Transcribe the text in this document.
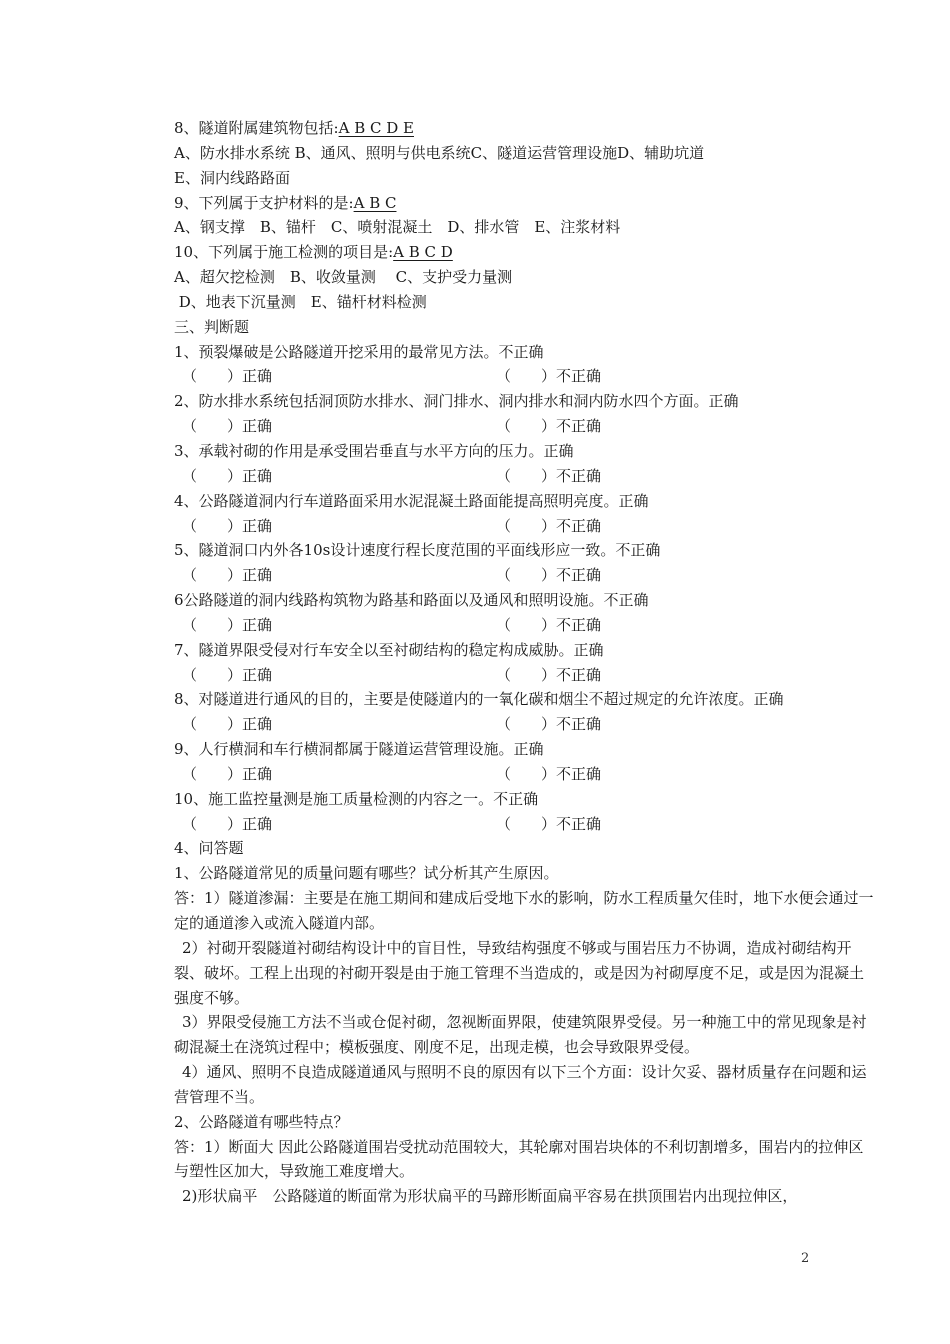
8、隧道附属建筑物包括:A B C D E
A、防水排水系统 B、通风、照明与供电系统C、隧道运营管理设施D、辅助坑道
E、洞内线路路面
9、下列属于支护材料的是:A B C
A、钢支撑　B、锚杆　C、喷射混凝土　D、排水管　E、注浆材料
10、下列属于施工检测的项目是:A B C D
A、超欠挖检测　B、收敛量测　 C、支护受力量测
D、地表下沉量测　E、锚杆材料检测
三、判断题
1、预裂爆破是公路隧道开挖采用的最常见方法。不正确
（　　）正确	（　　）不正确
2、防水排水系统包括洞顶防水排水、洞门排水、洞内排水和洞内防水四个方面。正确
（　　）正确	（　　）不正确
3、承载衬砌的作用是承受围岩垂直与水平方向的压力。正确
（　　）正确	（　　）不正确
4、公路隧道洞内行车道路面采用水泥混凝土路面能提高照明亮度。正确
（　　）正确	（　　）不正确
5、隧道洞口内外各10s设计速度行程长度范围的平面线形应一致。不正确
（　　）正确	（　　）不正确
6公路隧道的洞内线路构筑物为路基和路面以及通风和照明设施。不正确
（　　）正确	（　　）不正确
7、隧道界限受侵对行车安全以至衬砌结构的稳定构成威胁。正确
（　　）正确	（　　）不正确
8、对隧道进行通风的目的，主要是使隧道内的一氧化碳和烟尘不超过规定的允许浓度。正确
（　　）正确	（　　）不正确
9、人行横洞和车行横洞都属于隧道运营管理设施。正确
（　　）正确	（　　）不正确
10、施工监控量测是施工质量检测的内容之一。不正确
（　　）正确	（　　）不正确
4、问答题
1、公路隧道常见的质量问题有哪些？试分析其产生原因。
答：1）隧道渗漏：主要是在施工期间和建成后受地下水的影响，防水工程质量欠佳时，地下水便会通过一定的通道渗入或流入隧道内部。
2）衬砌开裂隧道衬砌结构设计中的盲目性，导致结构强度不够或与围岩压力不协调，造成衬砌结构开裂、破坏。工程上出现的衬砌开裂是由于施工管理不当造成的，或是因为衬砌厚度不足，或是因为混凝土强度不够。
3）界限受侵施工方法不当或仓促衬砌，忽视断面界限，使建筑限界受侵。另一种施工中的常见现象是衬砌混凝土在浇筑过程中；模板强度、刚度不足，出现走模，也会导致限界受侵。
4）通风、照明不良造成隧道通风与照明不良的原因有以下三个方面：设计欠妥、器材质量存在问题和运营管理不当。
2、公路隧道有哪些特点？
答：1）断面大 因此公路隧道围岩受扰动范围较大，其轮廓对围岩块体的不利切割增多，围岩内的拉伸区与塑性区加大，导致施工难度增大。
2)形状扁平　公路隧道的断面常为形状扁平的马蹄形断面扁平容易在拱顶围岩内出现拉伸区，
2
